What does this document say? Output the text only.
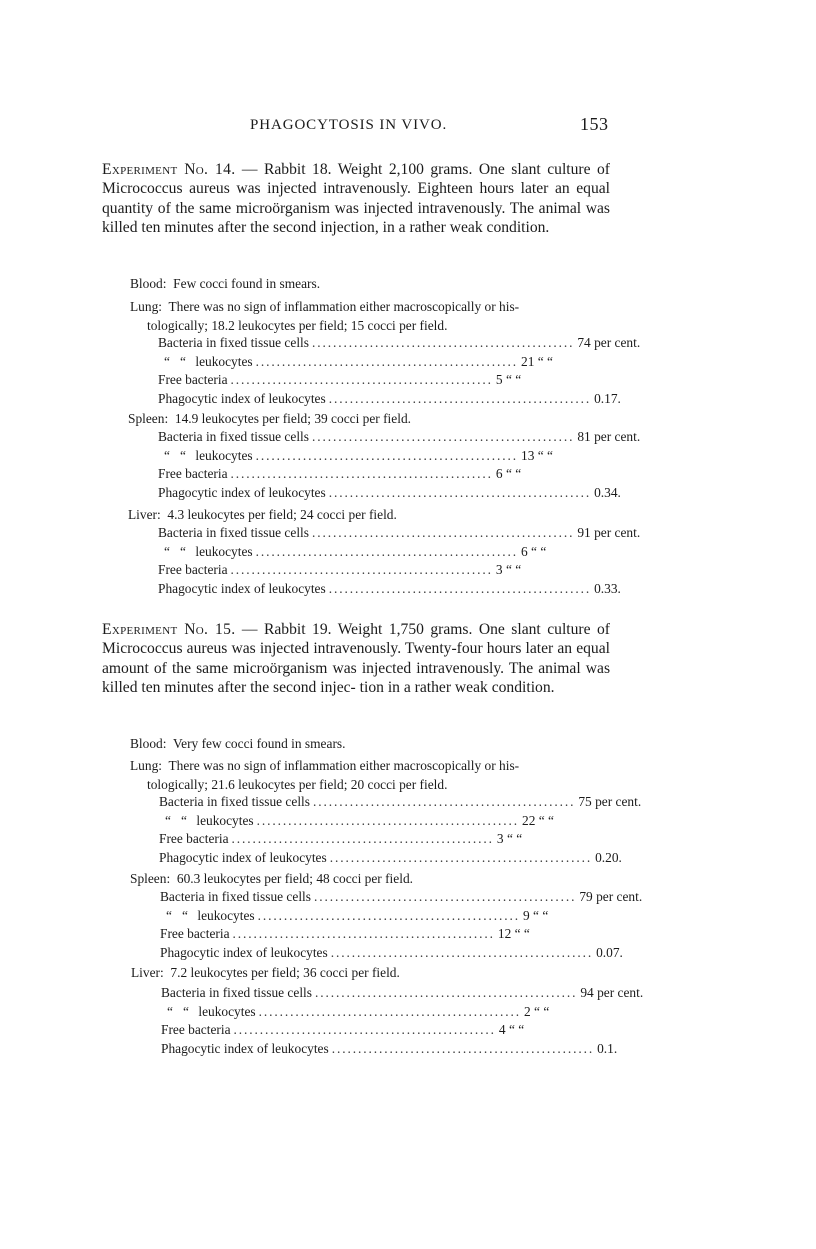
PHAGOCYTOSIS IN VIVO.	153
Experiment No. 14. — Rabbit 18. Weight 2,100 grams. One slant culture of Micrococcus aureus was injected intravenously. Eighteen hours later an equal quantity of the same microörganism was injected intravenously. The animal was killed ten minutes after the second injection, in a rather weak condition.
Blood: Few cocci found in smears.
Lung: There was no sign of inflammation either macroscopically or his-
tologically; 18.2 leukocytes per field; 15 cocci per field.
Bacteria in fixed tissue cells .................................................. 74 per cent.
“   “ leukocytes .................................................. 21 “ “
Free bacteria .................................................. 5 “ “
Phagocytic index of leukocytes .................................................. 0.17.
Spleen: 14.9 leukocytes per field; 39 cocci per field.
Bacteria in fixed tissue cells .................................................. 81 per cent.
“   “ leukocytes .................................................. 13 “ “
Free bacteria .................................................. 6 “ “
Phagocytic index of leukocytes .................................................. 0.34.
Liver: 4.3 leukocytes per field; 24 cocci per field.
Bacteria in fixed tissue cells .................................................. 91 per cent.
“   “ leukocytes .................................................. 6 “ “
Free bacteria .................................................. 3 “ “
Phagocytic index of leukocytes .................................................. 0.33.
Experiment No. 15. — Rabbit 19. Weight 1,750 grams. One slant culture of Micrococcus aureus was injected intravenously. Twenty-four hours later an equal amount of the same microörganism was injected intravenously. The animal was killed ten minutes after the second injec- tion in a rather weak condition.
Blood: Very few cocci found in smears.
Lung: There was no sign of inflammation either macroscopically or his-
tologically; 21.6 leukocytes per field; 20 cocci per field.
Bacteria in fixed tissue cells .................................................. 75 per cent.
“   “ leukocytes .................................................. 22 “ “
Free bacteria .................................................. 3 “ “
Phagocytic index of leukocytes .................................................. 0.20.
Spleen: 60.3 leukocytes per field; 48 cocci per field.
Bacteria in fixed tissue cells .................................................. 79 per cent.
“   “ leukocytes .................................................. 9 “ “
Free bacteria .................................................. 12 “ “
Phagocytic index of leukocytes .................................................. 0.07.
Liver: 7.2 leukocytes per field; 36 cocci per field.
Bacteria in fixed tissue cells .................................................. 94 per cent.
“   “ leukocytes .................................................. 2 “ “
Free bacteria .................................................. 4 “ “
Phagocytic index of leukocytes .................................................. 0.1.
